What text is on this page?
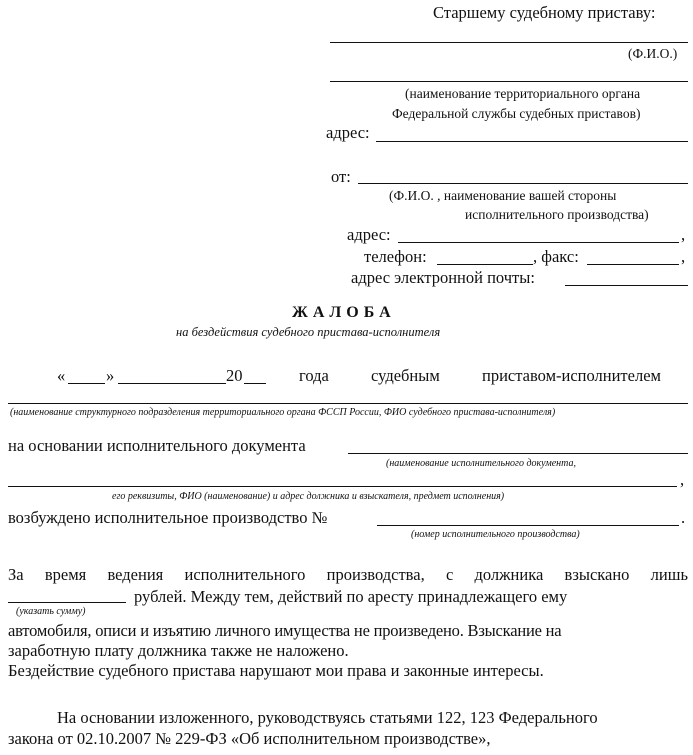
Старшему судебному приставу:
(Ф.И.О.)
(наименование территориального органа
Федеральной службы судебных приставов)
адрес:
от:
(Ф.И.О. , наименование вашей стороны
исполнительного производства)
адрес:	,
телефон:	, факс:	,
адрес электронной почты:
ЖАЛОБА
на бездействия судебного пристава-исполнителя
« »	20	года	судебным	приставом-исполнителем
(наименование структурного подразделения территориального органа ФССП России, ФИО судебного пристава-исполнителя)
на основании исполнительного документа
(наименование исполнительного документа,
,
его реквизиты, ФИО (наименование) и адрес должника и взыскателя, предмет исполнения)
возбуждено исполнительное производство №	.
(номер исполнительного производства)
За время ведения исполнительного производства, с должника взыскано лишь
рублей. Между тем, действий по аресту принадлежащего ему
(указать сумму)
автомобиля, описи и изъятию личного имущества не произведено. Взыскание на
заработную плату должника также не наложено.
Бездействие судебного пристава нарушают мои права и законные интересы.
На основании изложенного, руководствуясь статьями 122, 123 Федерального
закона от 02.10.2007 № 229-ФЗ «Об исполнительном производстве»,
